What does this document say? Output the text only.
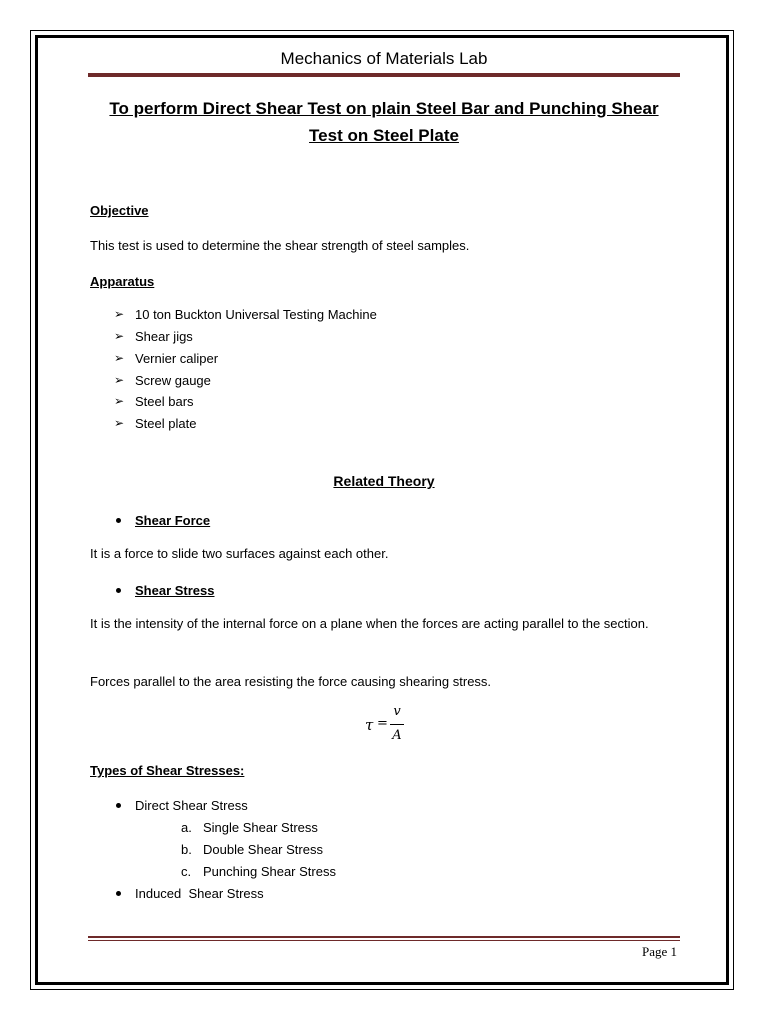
Mechanics of Materials Lab
To perform Direct Shear Test on plain Steel Bar and Punching Shear Test on Steel Plate
Objective
This test is used to determine the shear strength of steel samples.
Apparatus
➢ 10 ton Buckton Universal Testing Machine
➢ Shear jigs
➢ Vernier caliper
➢ Screw gauge
➢ Steel bars
➢ Steel plate
Related Theory
Shear Force
It is a force to slide two surfaces against each other.
Shear Stress
It is the intensity of the internal force on a plane when the forces are acting parallel to the section.
Forces parallel to the area resisting the force causing shearing stress.
τ =
v
A
Types of Shear Stresses:
Direct Shear Stress
a. Single Shear Stress
b. Double Shear Stress
c. Punching Shear Stress
Induced  Shear Stress
Page 1
